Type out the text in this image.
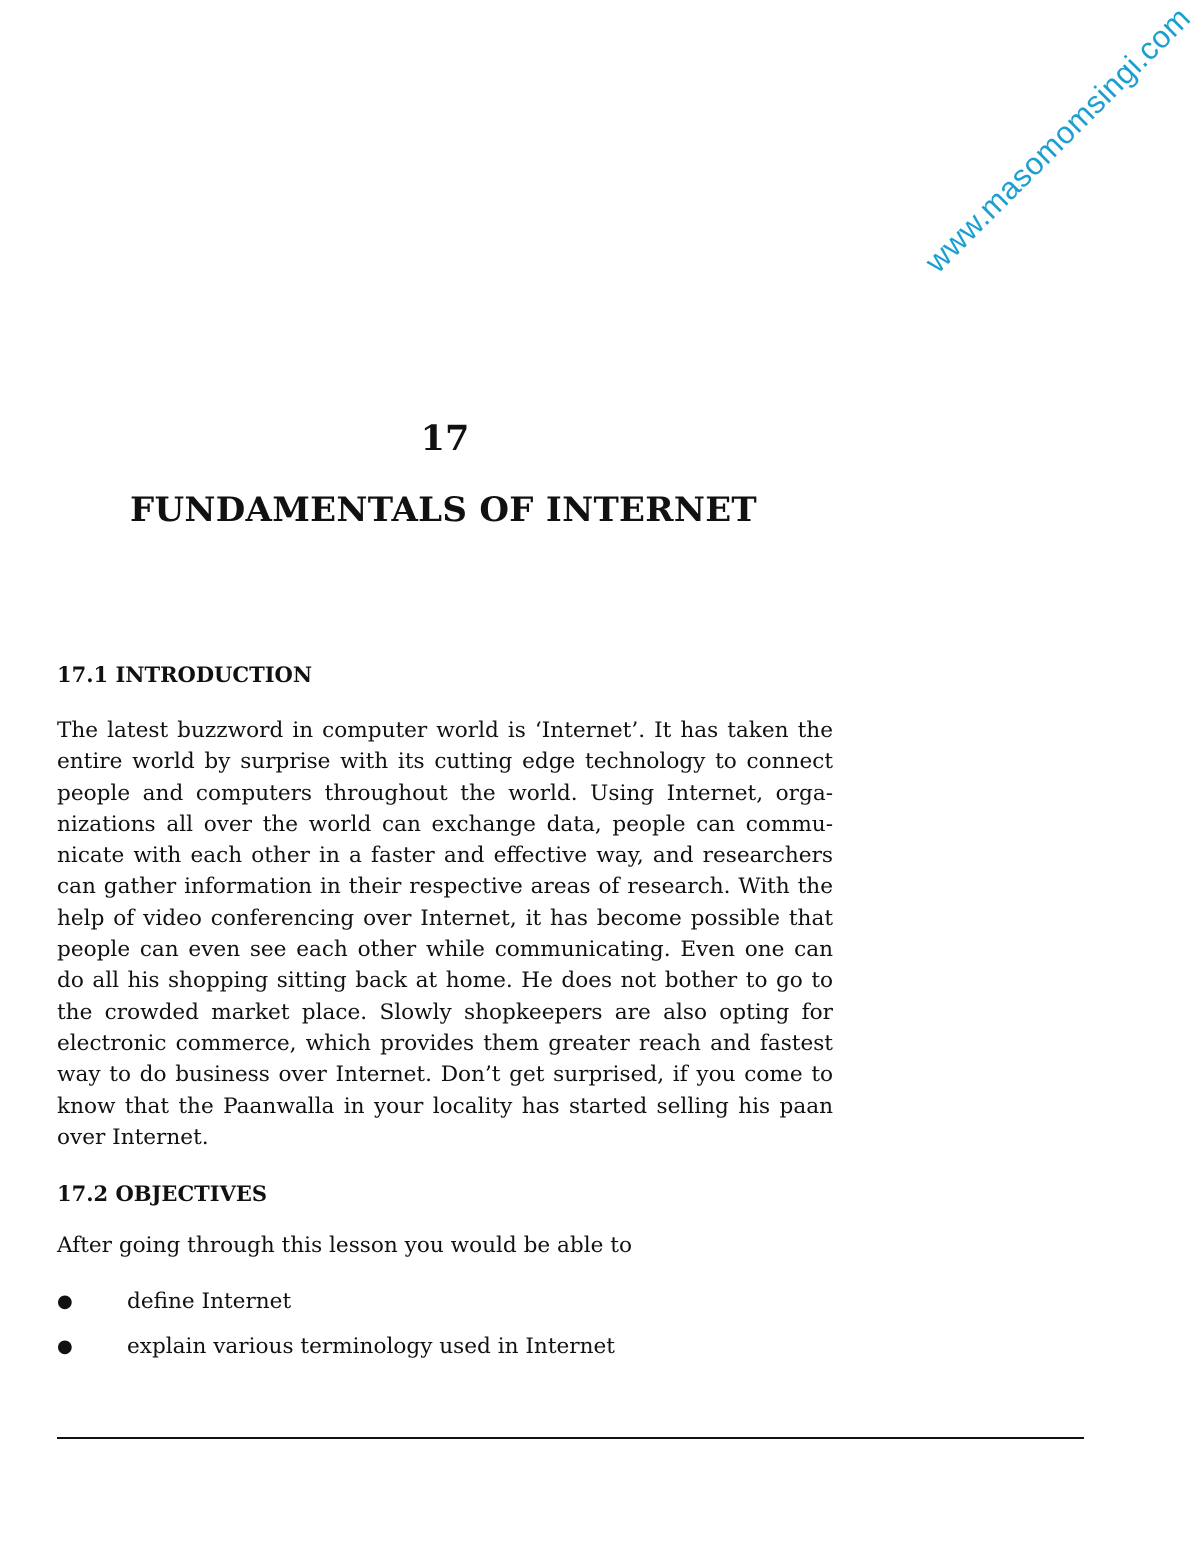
www.masomomsingi.com
17
FUNDAMENTALS OF INTERNET
17.1 INTRODUCTION

The latest buzzword in computer world is ‘Internet’. It has taken the entire world by surprise with its cutting edge technology to connect people and computers throughout the world. Using Internet, orga- nizations all over the world can exchange data, people can commu- nicate with each other in a faster and effective way, and researchers can gather information in their respective areas of research. With the help of video conferencing over Internet, it has become possible that people can even see each other while communicating. Even one can do all his shopping sitting back at home. He does not bother to go to the crowded market place. Slowly shopkeepers are also opting for electronic commerce, which provides them greater reach and fastest way to do business over Internet. Don’t get surprised, if you come to know that the Paanwalla in your locality has started selling his paan over Internet.

17.2 OBJECTIVES

After going through this lesson you would be able to

●	define Internet
●	explain various terminology used in Internet
